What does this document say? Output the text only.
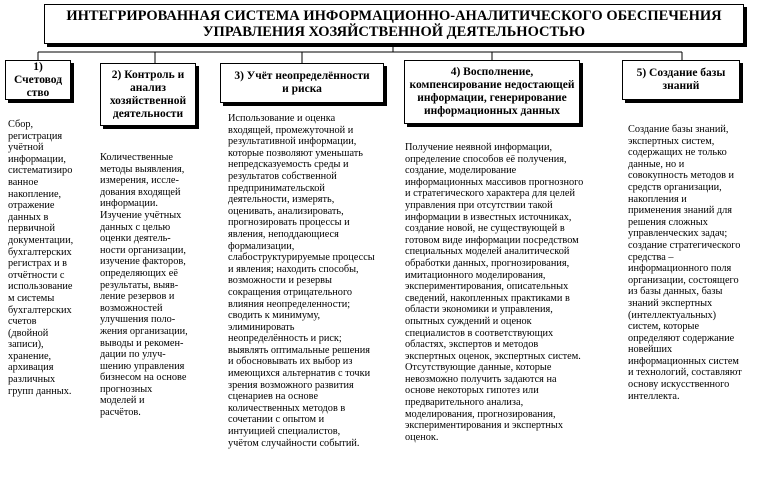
ИНТЕГРИРОВАННАЯ СИСТЕМА ИНФОРМАЦИОННО-АНАЛИТИЧЕСКОГО ОБЕСПЕЧЕНИЯ
УПРАВЛЕНИЯ ХОЗЯЙСТВЕННОЙ ДЕЯТЕЛЬНОСТЬЮ
1) Счетовод
ство
2) Контроль и
анализ
хозяйственной
деятельности
3) Учёт неопределённости
и риска
4) Восполнение,
компенсирование недостающей
информации, генерирование
информационных данных
5) Создание базы
знаний

Сбор,
регистрация
учётной
информации,
систематизиро
ванное
накопление,
отражение
данных в
первичной
документации,
бухгалтерских
регистрах и в
отчётности с
использование
м системы
бухгалтерских
счетов
(двойной
записи),
хранение,
архивация
различных
групп данных.

Количественные
методы выявления,
измерения, иссле-
дования входящей
информации.
Изучение учётных
данных с целью
оценки деятель-
ности организации,
изучение факторов,
определяющих её
результаты, выяв-
ление резервов и
возможностей
улучшения поло-
жения организации,
выводы и рекомен-
дации по улуч-
шению управления
бизнесом на основе
прогнозных
моделей и
расчётов.

Использование и оценка
входящей, промежуточной и
результативной информации,
которые позволяют уменьшать
непредсказуемость среды и
результатов собственной
предпринимательской
деятельности, измерять,
оценивать, анализировать,
прогнозировать процессы и
явления, неподдающиеся
формализации,
слабоструктурируемые процессы
и явления; находить способы,
возможности и резервы
сокращения отрицательного
влияния неопределенности;
сводить к минимуму,
элиминировать
неопределённость и риск;
выявлять оптимальные решения
и обосновывать их выбор из
имеющихся альтернатив с точки
зрения возможного развития
сценариев на основе
количественных методов в
сочетании с опытом и
интуицией специалистов,
учётом случайности событий.

Получение неявной информации,
определение способов её получения,
создание, моделирование
информационных массивов прогнозного
и стратегического характера для целей
управления при отсутствии такой
информации в известных источниках,
создание новой, не существующей в
готовом виде информации посредством
специальных моделей аналитической
обработки данных, прогнозирования,
имитационного моделирования,
экспериментирования, описательных
сведений, накопленных практиками в
области экономики и управления,
опытных суждений и оценок
специалистов в соответствующих
областях, экспертов и методов
экспертных оценок, экспертных систем.
Отсутствующие данные, которые
невозможно получить задаются на
основе некоторых гипотез или
предварительного анализа,
моделирования, прогнозирования,
экспериментирования и экспертных
оценок.

Создание базы знаний,
экспертных систем,
содержащих не только
данные, но и
совокупность методов и
средств организации,
накопления и
применения знаний для
решения сложных
управленческих задач;
создание стратегического
средства –
информационного поля
организации, состоящего
из базы данных, базы
знаний экспертных
(интеллектуальных)
систем, которые
определяют содержание
новейших
информационных систем
и технологий, составляют
основу искусственного
интеллекта.
